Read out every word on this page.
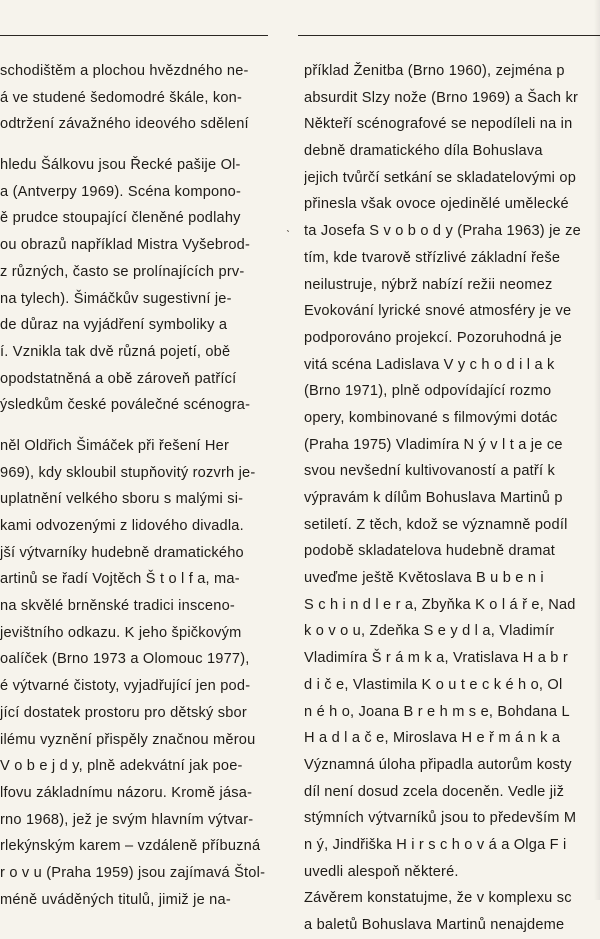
schodištěm a plochou hvězdného ne-
á ve studené šedomodré škále, kon-
odtržení závažného ideového sdělení
hledu Šálkovu jsou Řecké pašije Ol-
a (Antverpy 1969). Scéna kompono-
ě prudce stoupající členěné podlahy
ou obrazů například Mistra Vyšebrod-
z různých, často se prolínajících prv-
na tylech). Šimáčkův sugestivní je-
de důraz na vyjádření symboliky a
í. Vznikla tak dvě různá pojetí, obě
opodstatněná a obě zároveň patřící
ýsledkům české poválečné scénogra-
něl Oldřich Šimáček při řešení Her
969), kdy skloubil stupňovitý rozvrh je-
uplatnění velkého sboru s malými si-
kami odvozenými z lidového divadla.
jší výtvarníky hudebně dramatického
artinů se řadí Vojtěch Š t o l f a, ma-
na skvělé brněnské tradici insceno-
jevištního odkazu. K jeho špičkovým
oalíček (Brno 1973 a Olomouc 1977),
é výtvarné čistoty, vyjadřující jen pod-
jící dostatek prostoru pro dětský sbor
ilému vyznění přispěly značnou měrou
V o b e j d y, plně adekvátní jak poe-
lfovu základnímu názoru. Kromě jása-
rno 1968), jež je svým hlavním výtvar-
rlekýnským karem – vzdáleně příbuzná
r o v u (Praha 1959) jsou zajímavá Štol-
méně uváděných titulů, jimiž je na-
příklad Ženitba (Brno 1960), zejména p
absurdit Slzy nože (Brno 1969) a Šach kr
Někteří scénografové se nepodíleli na in
debně dramatického díla Bohuslava
jejich tvůrčí setkání se skladatelovými op
přinesla však ovoce ojedinělé umělecké
ta Josefa S v o b o d y (Praha 1963) je ze
tím, kde tvarově střízlivé základní řeše
neilustruje, nýbrž nabízí režii neomez
Evokování lyrické snové atmosféry je ve
podporováno projekcí. Pozoruhodná je
vitá scéna Ladislava V y c h o d i l a k
(Brno 1971), plně odpovídající rozmo
opery, kombinované s filmovými dotác
(Praha 1975) Vladimíra N ý v l t a je ce
svou nevšední kultivovaností a patří k
výpravám k dílům Bohuslava Martinů p
setiletí. Z těch, kdož se významně podíl
podobě skladatelova hudebně dramat
uveďme ještě Květoslava B u b e n i
S c h i n d l e r a, Zbyňka K o l á ř e, Nad
k o v o u, Zdeňka S e y d l a, Vladimír
Vladimíra Š r á m k a, Vratislava H a b r
d i č e, Vlastimila K o u t e c k é h o, Ol
n é h o, Joana B r e h m s e, Bohdana L
H a d l a č e, Miroslava H e ř m á n k a
Významná úloha připadla autorům kosty
díl není dosud zcela doceněn. Vedle již
stýmních výtvarníků jsou to především M
n ý, Jindřiška H i r s c h o v á a Olga F i
uvedli alespoň některé.
Závěrem konstatujme, že v komplexu sc
a baletů Bohuslava Martinů nenajdeme
ˋ
